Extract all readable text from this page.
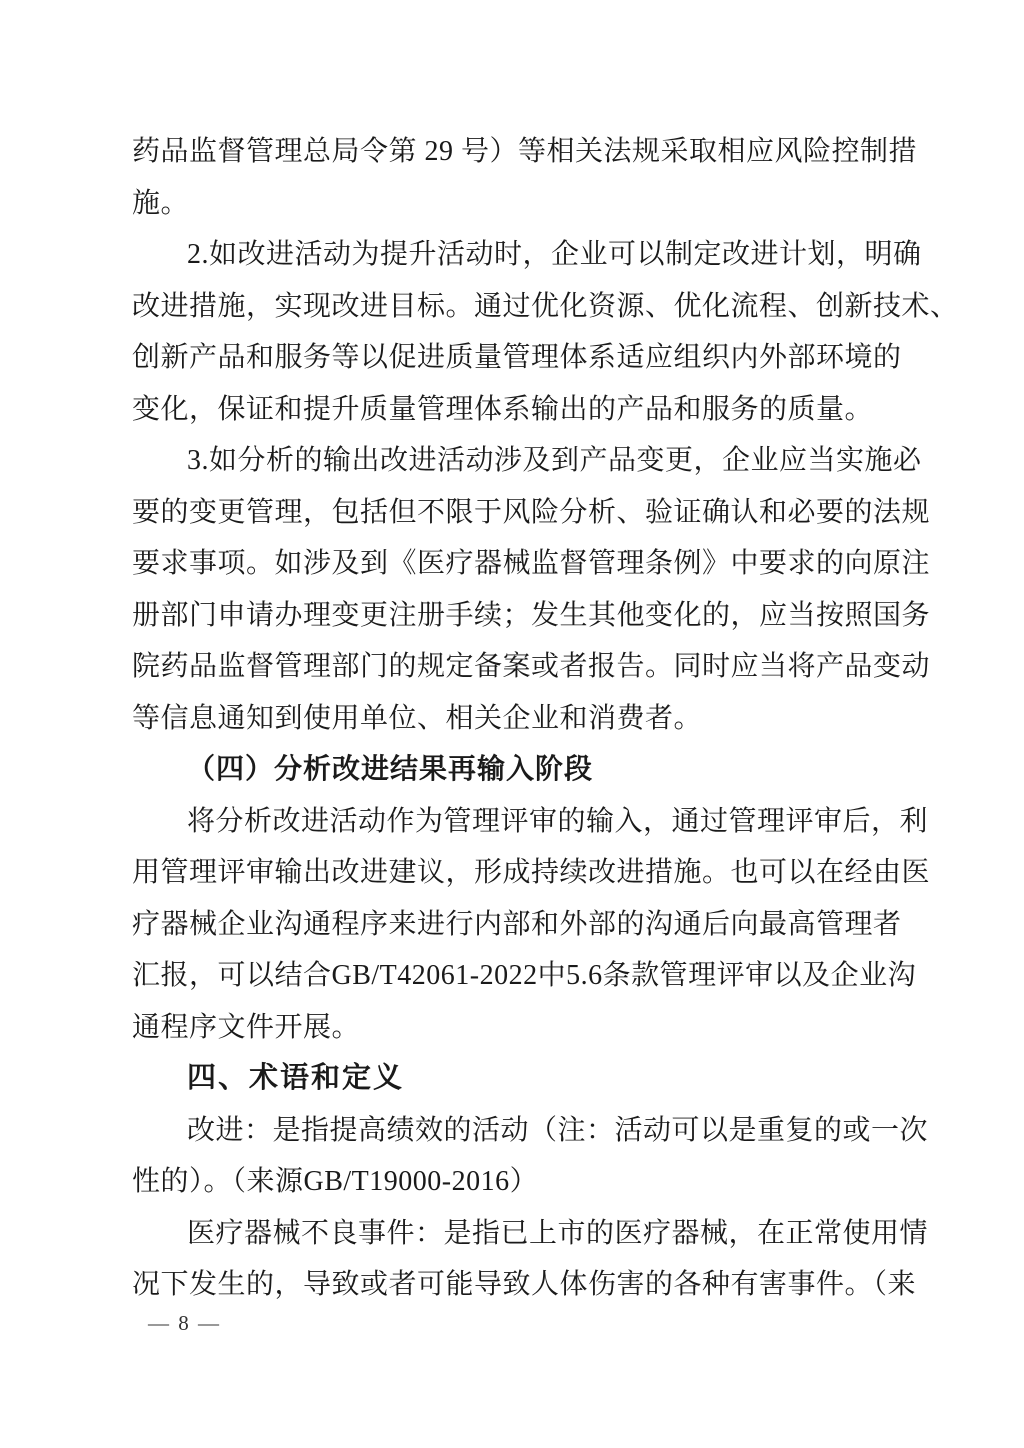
药品监督管理总局令第 29 号）等相关法规采取相应风险控制措
施。
2.如改进活动为提升活动时，企业可以制定改进计划，明确
改进措施，实现改进目标。通过优化资源、优化流程、创新技术、
创新产品和服务等以促进质量管理体系适应组织内外部环境的
变化，保证和提升质量管理体系输出的产品和服务的质量。
3.如分析的输出改进活动涉及到产品变更，企业应当实施必
要的变更管理，包括但不限于风险分析、验证确认和必要的法规
要求事项。如涉及到《医疗器械监督管理条例》中要求的向原注
册部门申请办理变更注册手续；发生其他变化的，应当按照国务
院药品监督管理部门的规定备案或者报告。同时应当将产品变动
等信息通知到使用单位、相关企业和消费者。
（四）分析改进结果再输入阶段
将分析改进活动作为管理评审的输入，通过管理评审后，利
用管理评审输出改进建议，形成持续改进措施。也可以在经由医
疗器械企业沟通程序来进行内部和外部的沟通后向最高管理者
汇报，可以结合GB/T42061-2022中5.6条款管理评审以及企业沟
通程序文件开展。
四、术语和定义
改进：是指提高绩效的活动（注：活动可以是重复的或一次
性的）。（来源GB/T19000-2016）
医疗器械不良事件：是指已上市的医疗器械，在正常使用情
况下发生的，导致或者可能导致人体伤害的各种有害事件。（来
— 8 —
